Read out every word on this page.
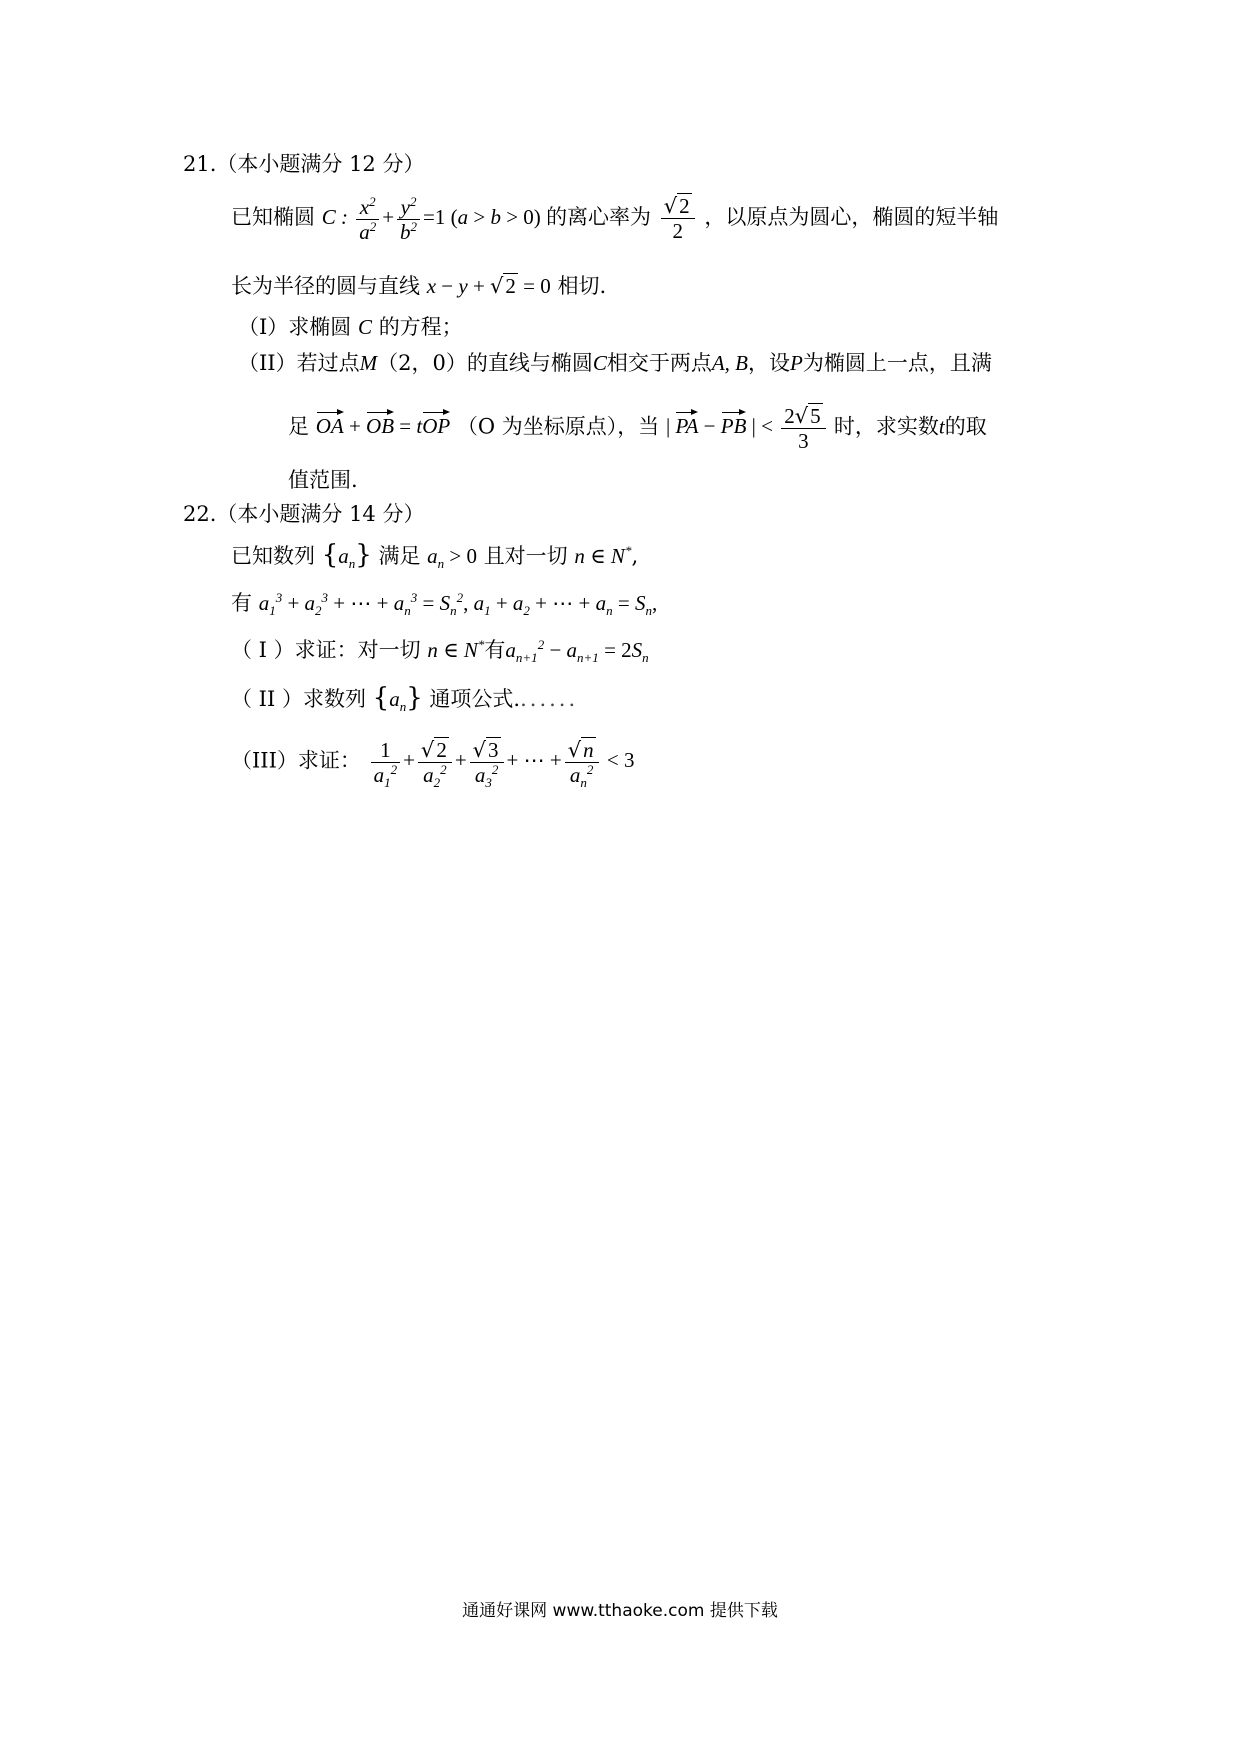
21.（本小题满分 12 分）
已知椭圆 C : $\frac{x^2}{a^2} + \frac{y^2}{b^2} =1$ (a > b > 0) 的离心率为 $\frac{√2}{2}$ ，以原点为圆心，椭圆的短半轴
长为半径的圆与直线 x − y + √2 = 0 相切.
（I）求椭圆 C 的方程；
（II）若过点M（2，0）的直线与椭圆C相交于两点A, B，设P为椭圆上一点，且满
足 OA + OB = tOP （O 为坐标原点），当 | PA − PB | < $\frac{2√5}{3}$ 时，求实数t的取
值范围.
22.（本小题满分 14 分）
已知数列 $\{a_n\}$ 满足 $a_n > 0$ 且对一切 n ∈ N*,
有 $a_1^3 + a_2^3$ + ⋯ + $a_n^3 = S_n^2$, $a_1 + a_2$ + ⋯ + $a_n = S_n$,
（ I ）求证：对一切 n ∈ N*有$a_{n+1}^2 - a_{n+1} = 2S_n$
（ II ）求数列 $\{a_n\}$ 通项公式.......
（III）求证： $\frac{1}{a_1^2} + \frac{√2}{a_2^2} + \frac{√3}{a_3^2}$ + ⋯ + $\frac{√n}{a_n^2} < 3$
通通好课网 www.tthaoke.com 提供下载
